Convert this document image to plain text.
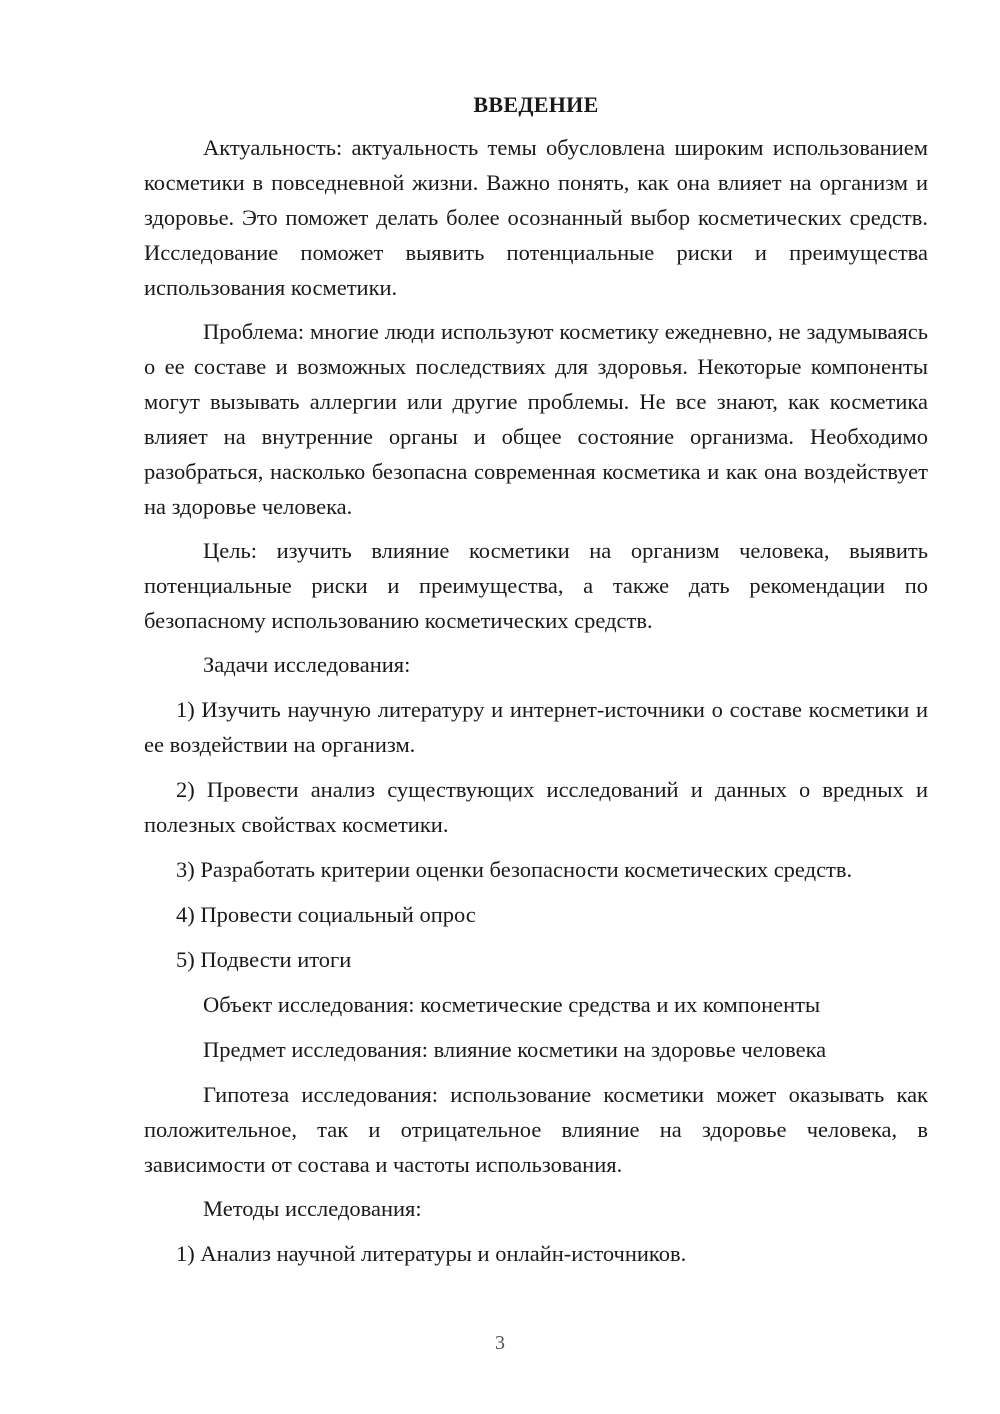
ВВЕДЕНИЕ

Актуальность: актуальность темы обусловлена широким использованием косметики в повседневной жизни. Важно понять, как она влияет на организм и здоровье. Это поможет делать более осознанный выбор косметических средств. Исследование поможет выявить потенциальные риски и преимущества использования косметики.

Проблема: многие люди используют косметику ежедневно, не задумываясь о ее составе и возможных последствиях для здоровья. Некоторые компоненты могут вызывать аллергии или другие проблемы. Не все знают, как косметика влияет на внутренние органы и общее состояние организма. Необходимо разобраться, насколько безопасна современная косметика и как она воздействует на здоровье человека.

Цель: изучить влияние косметики на организм человека, выявить потенциальные риски и преимущества, а также дать рекомендации по безопасному использованию косметических средств.

Задачи исследования:

1) Изучить научную литературу и интернет-источники о составе косметики и ее воздействии на организм.

2) Провести анализ существующих исследований и данных о вредных и полезных свойствах косметики.

3) Разработать критерии оценки безопасности косметических средств.
4) Провести социальный опрос
5) Подвести итоги
Объект исследования: косметические средства и их компоненты
Предмет исследования: влияние косметики на здоровье человека

Гипотеза исследования: использование косметики может оказывать как положительное, так и отрицательное влияние на здоровье человека, в зависимости от состава и частоты использования.

Методы исследования:
1) Анализ научной литературы и онлайн-источников.
3
